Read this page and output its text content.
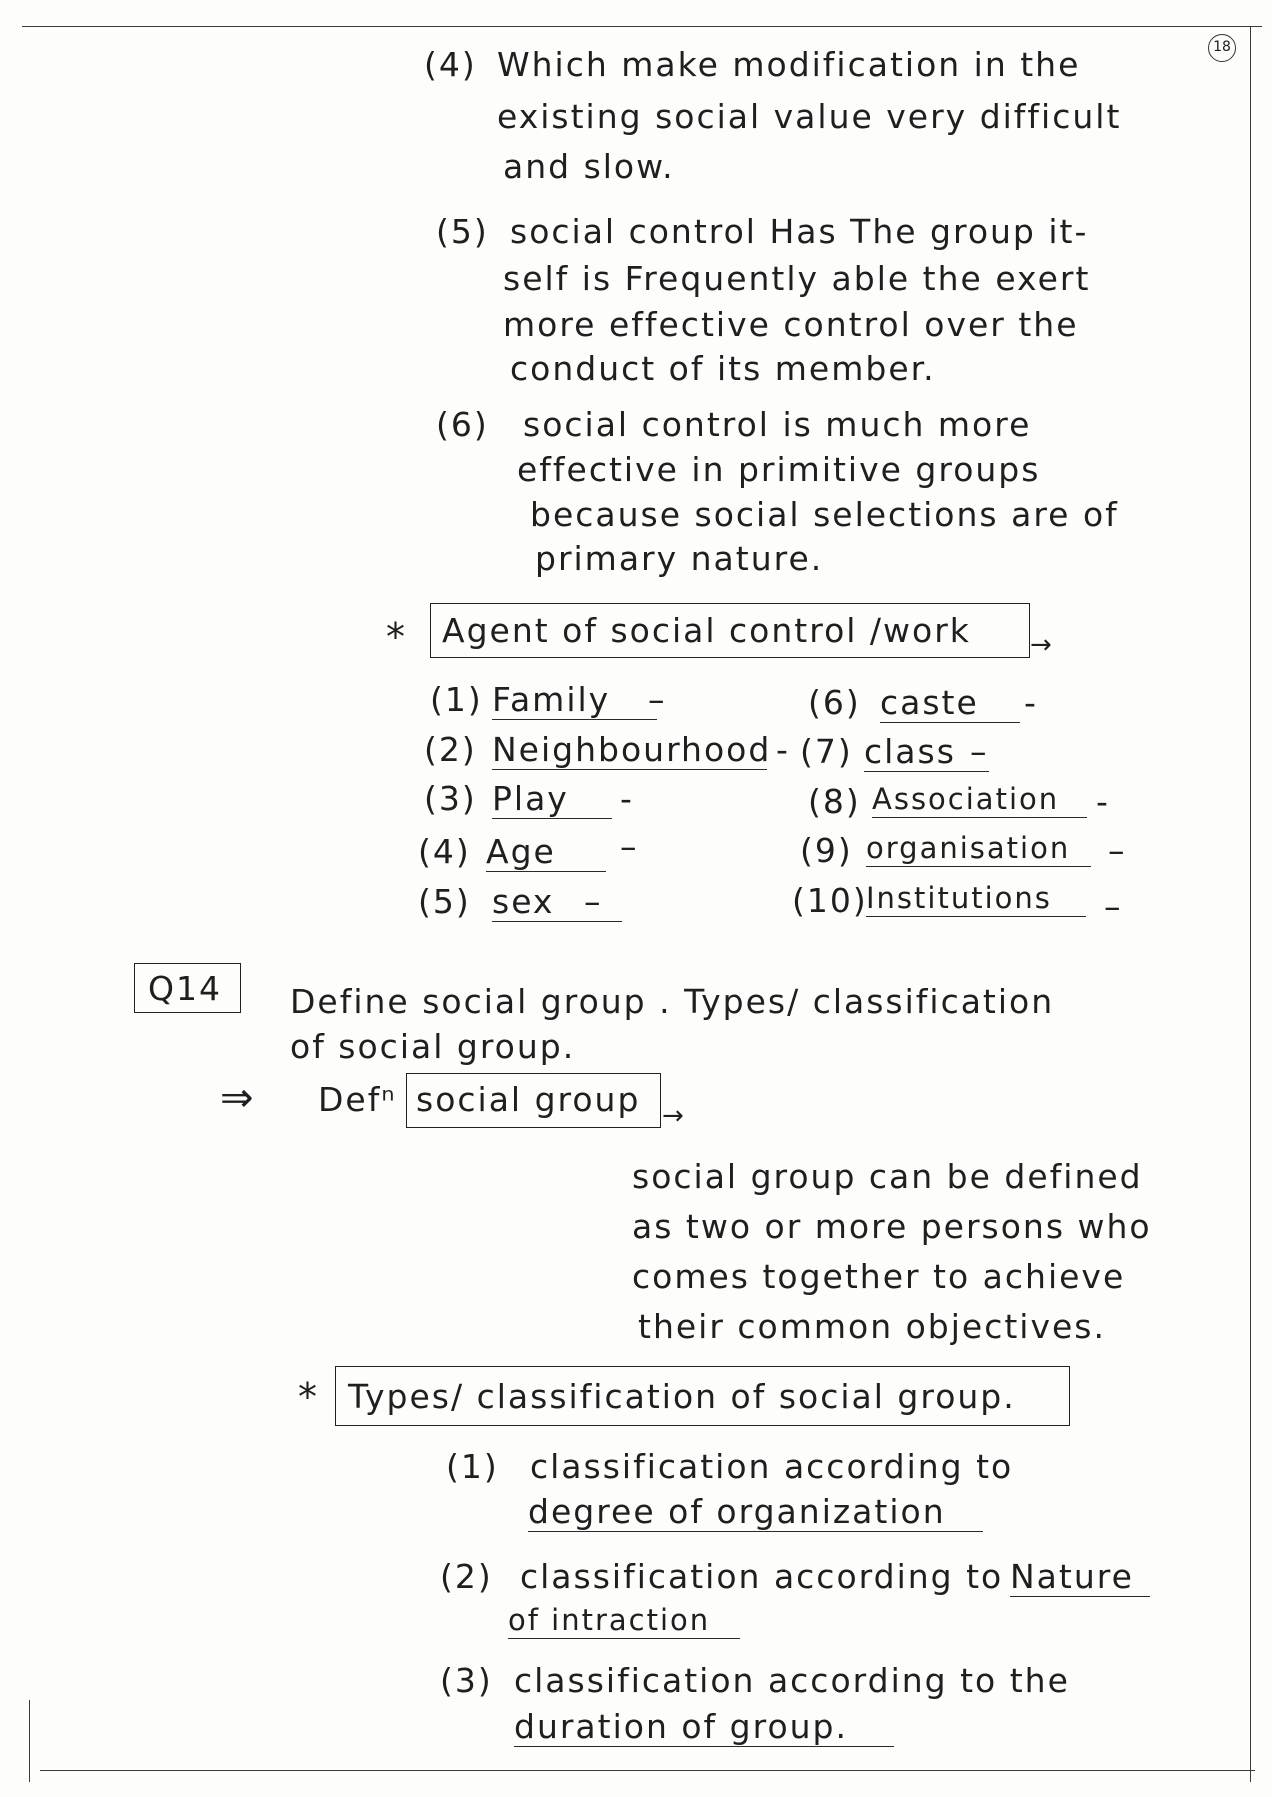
18
(4) Which make modification in the
existing social value very difficult
and slow.
(5) social control Has The group it-
self is Frequently able the exert
more effective control over the
conduct of its member.
(6) social control is much more
effective in primitive groups
because social selections are of
primary nature.
* Agent of social control /work →
(1) Family	–
(2) Neighbourhood -
(3) Play	-
(4) Age	–
(5) sex –
(6) caste	-
(7) class –
(8) Association	-
(9) organisation	–
(10)
Institutions	–
Q14 Define social group . Types/ classification
of social group.
⇒ Defⁿ social group →
social group can be defined
as two or more persons who
comes together to achieve
their common objectives.
* Types/ classification of social group.
(1) classification according to
degree of organization
(2) classification according to Nature
of intraction
(3) classification according to the
duration of group.
